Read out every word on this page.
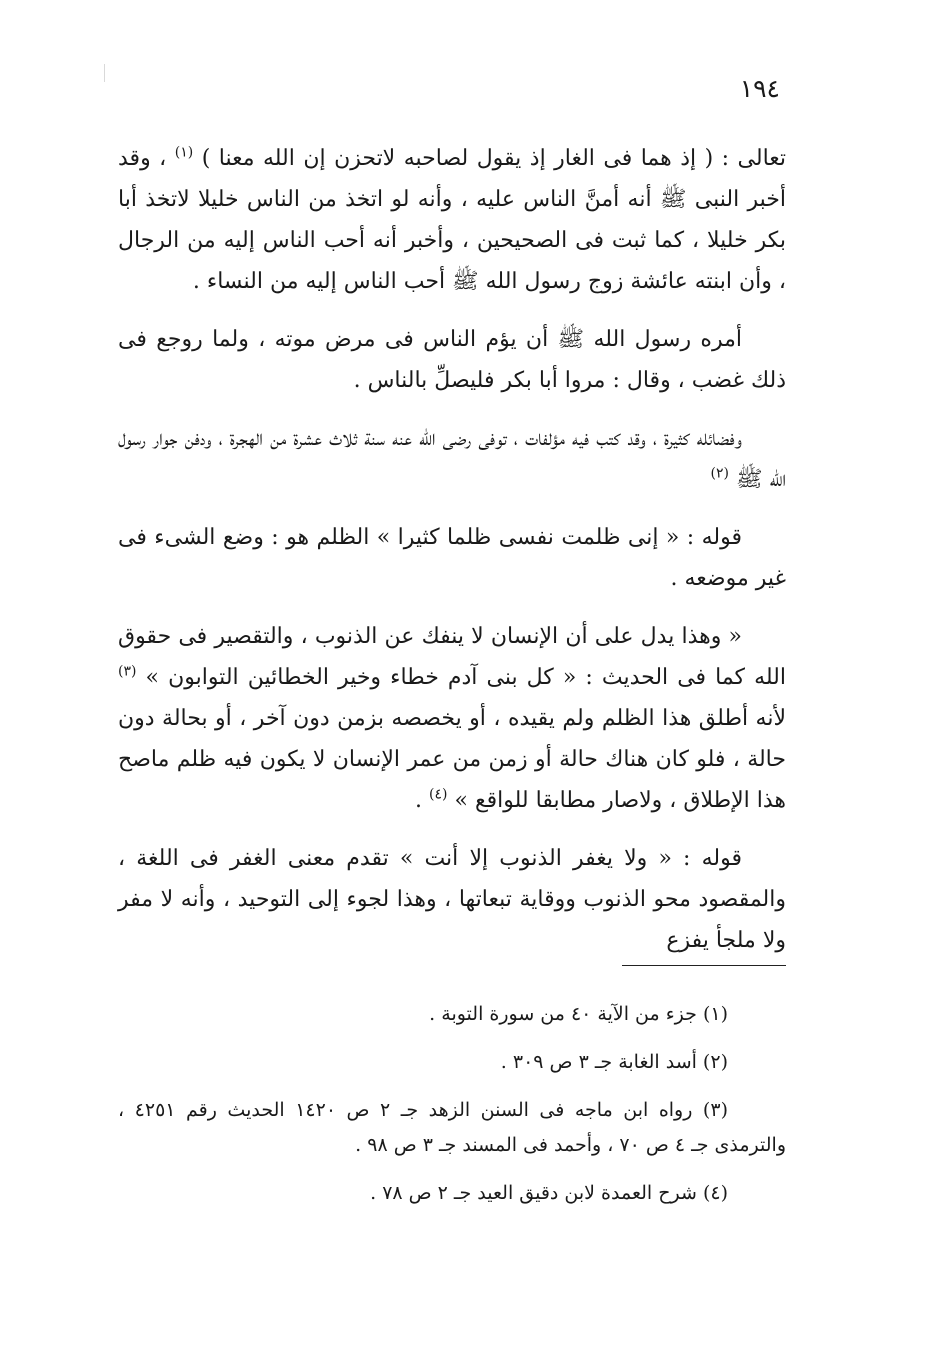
١٩٤

تعالى : ( إذ هما فى الغار إذ يقول لصاحبه لاتحزن إن الله معنا ) $^{(١)}$ ، وقد أخبر النبى ﷺ أنه أمنَّ الناس عليه ، وأنه لو اتخذ من الناس خليلا لاتخذ أبا بكر خليلا ، كما ثبت فى الصحيحين ، وأخبر أنه أحب الناس إليه من الرجال ، وأن ابنته عائشة زوج رسول الله ﷺ أحب الناس إليه من النساء .

أمره رسول الله ﷺ أن يؤم الناس فى مرض موته ، ولما روجع فى ذلك غضب ، وقال : مروا أبا بكر فليصلِّ بالناس .

وفضائله كثيرة ، وقد كتب فيه مؤلفات ، توفى رضى الله عنه سنة ثلاث عشرة من الهجرة ، ودفن جوار رسول الله ﷺ $^{(٢)}$

قوله : « إنى ظلمت نفسى ظلما كثيرا » الظلم هو : وضع الشىء فى غير موضعه .

« وهذا يدل على أن الإنسان لا ينفك عن الذنوب ، والتقصير فى حقوق الله كما فى الحديث : « كل بنى آدم خطاء وخير الخطائين التوابون » $^{(٣)}$ لأنه أطلق هذا الظلم ولم يقيده ، أو يخصصه بزمن دون آخر ، أو بحالة دون حالة ، فلو كان هناك حالة أو زمن من عمر الإنسان لا يكون فيه ظلم ماصح هذا الإطلاق ، ولاصار مطابقا للواقع » $^{(٤)}$ .

قوله : « ولا يغفر الذنوب إلا أنت » تقدم معنى الغفر فى اللغة ، والمقصود محو الذنوب ووقاية تبعاتها ، وهذا لجوء إلى التوحيد ، وأنه لا مفر ولا ملجأ يفزع

(١) جزء من الآية ٤٠ من سورة التوبة .
(٢) أسد الغابة جـ ٣ ص ٣٠٩ .
(٣) رواه ابن ماجه فى السنن الزهد جـ ٢ ص ١٤٢٠ الحديث رقم ٤٢٥١ ، والترمذى جـ ٤ ص ٧٠ ، وأحمد فى المسند جـ ٣ ص ٩٨ .
(٤) شرح العمدة لابن دقيق العيد جـ ٢ ص ٧٨ .
